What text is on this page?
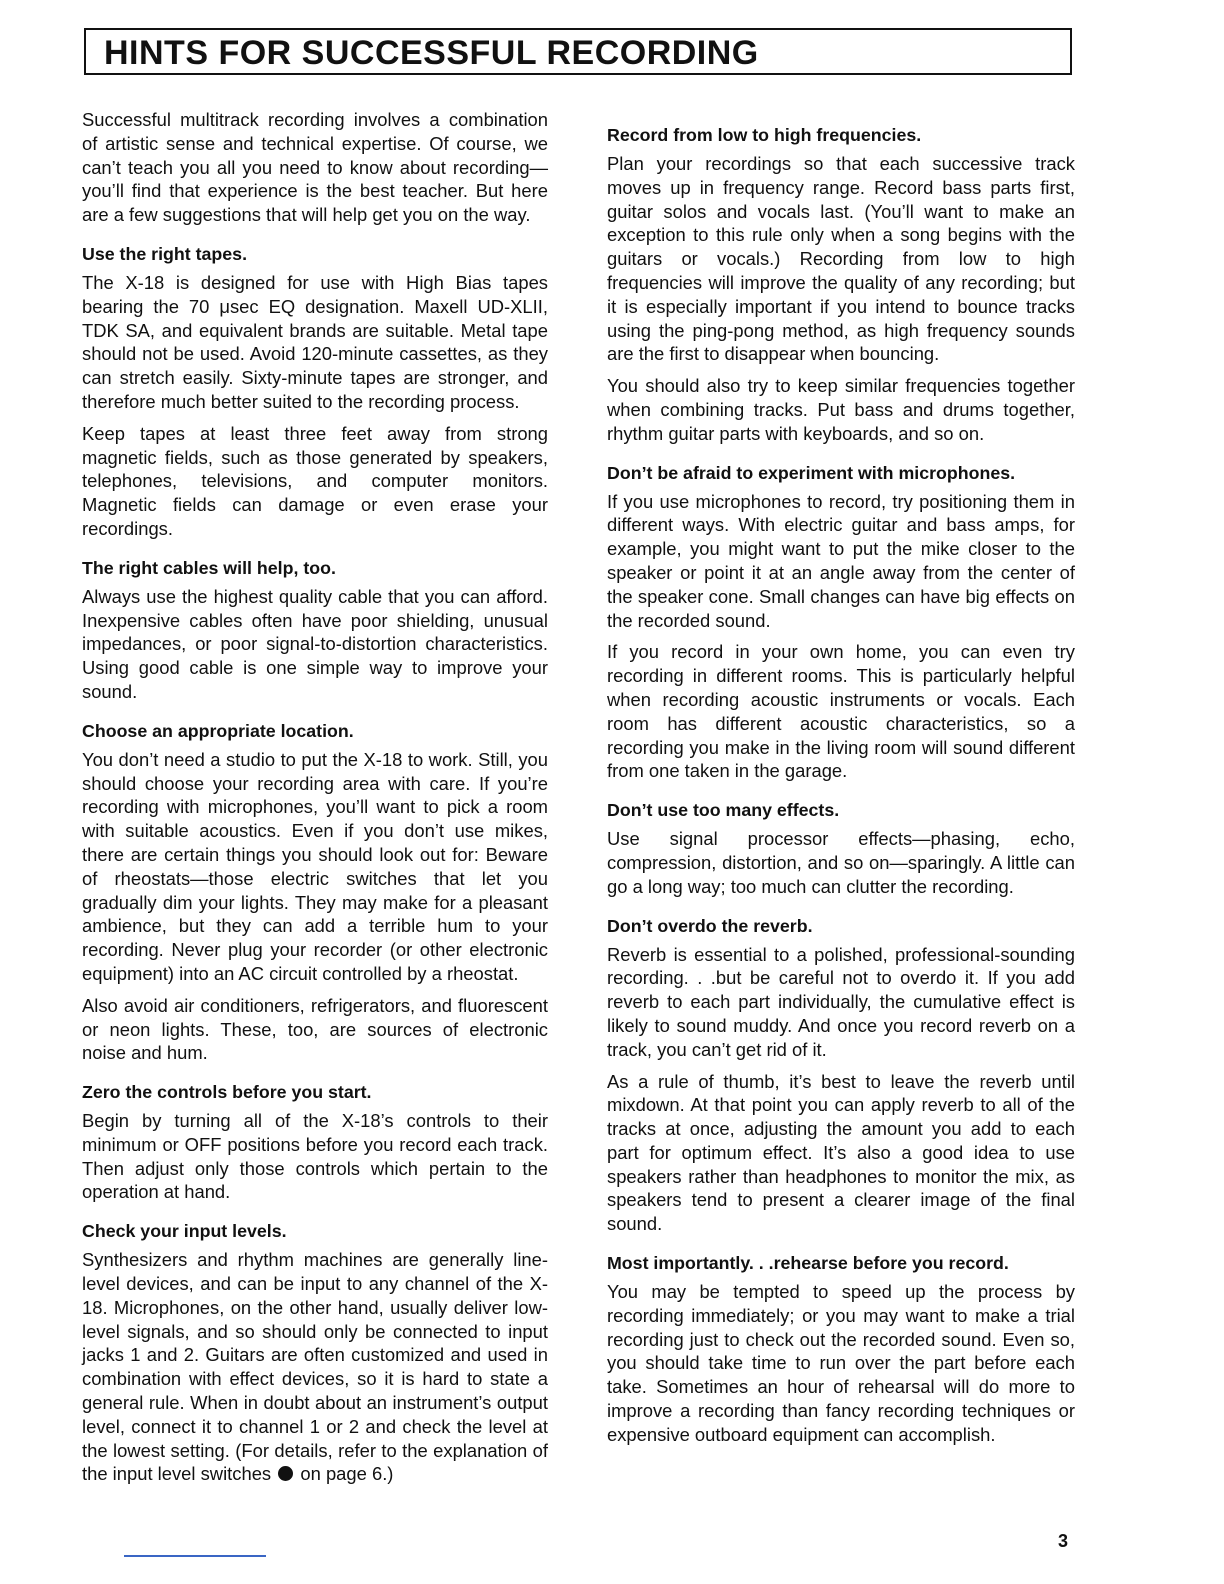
HINTS FOR SUCCESSFUL RECORDING

Successful multitrack recording involves a combination of artistic sense and technical expertise. Of course, we can’t teach you all you need to know about recording—you’ll find that experience is the best teacher. But here are a few suggestions that will help get you on the way.

Use the right tapes.

The X-18 is designed for use with High Bias tapes bearing the 70 μsec EQ designation. Maxell UD-XLII, TDK SA, and equivalent brands are suitable. Metal tape should not be used. Avoid 120-minute cassettes, as they can stretch easily. Sixty-minute tapes are stronger, and therefore much better suited to the recording process.

Keep tapes at least three feet away from strong magnetic fields, such as those generated by speakers, telephones, televisions, and computer monitors. Magnetic fields can damage or even erase your recordings.

The right cables will help, too.

Always use the highest quality cable that you can afford. Inexpensive cables often have poor shielding, unusual impedances, or poor signal-to-distortion characteristics. Using good cable is one simple way to improve your sound.

Choose an appropriate location.

You don’t need a studio to put the X-18 to work. Still, you should choose your recording area with care. If you’re recording with microphones, you’ll want to pick a room with suitable acoustics. Even if you don’t use mikes, there are certain things you should look out for: Beware of rheostats—those electric switches that let you gradually dim your lights. They may make for a pleasant ambience, but they can add a terrible hum to your recording. Never plug your recorder (or other electronic equipment) into an AC circuit controlled by a rheostat.

Also avoid air conditioners, refrigerators, and fluorescent or neon lights. These, too, are sources of electronic noise and hum.

Zero the controls before you start.

Begin by turning all of the X-18’s controls to their minimum or OFF positions before you record each track. Then adjust only those controls which pertain to the operation at hand.

Check your input levels.

Synthesizers and rhythm machines are generally line-level devices, and can be input to any channel of the X-18. Microphones, on the other hand, usually deliver low-level signals, and so should only be connected to input jacks 1 and 2. Guitars are often customized and used in combination with effect devices, so it is hard to state a general rule. When in doubt about an instrument’s output level, connect it to channel 1 or 2 and check the level at the lowest setting. (For details, refer to the explanation of the input level switches on page 6.)

Record from low to high frequencies.

Plan your recordings so that each successive track moves up in frequency range. Record bass parts first, guitar solos and vocals last. (You’ll want to make an exception to this rule only when a song begins with the guitars or vocals.) Recording from low to high frequencies will improve the quality of any recording; but it is especially important if you intend to bounce tracks using the ping-pong method, as high frequency sounds are the first to disappear when bouncing.

You should also try to keep similar frequencies together when combining tracks. Put bass and drums together, rhythm guitar parts with keyboards, and so on.

Don’t be afraid to experiment with microphones.

If you use microphones to record, try positioning them in different ways. With electric guitar and bass amps, for example, you might want to put the mike closer to the speaker or point it at an angle away from the center of the speaker cone. Small changes can have big effects on the recorded sound.

If you record in your own home, you can even try recording in different rooms. This is particularly helpful when recording acoustic instruments or vocals. Each room has different acoustic characteristics, so a recording you make in the living room will sound different from one taken in the garage.

Don’t use too many effects.

Use signal processor effects—phasing, echo, compression, distortion, and so on—sparingly. A little can go a long way; too much can clutter the recording.

Don’t overdo the reverb.

Reverb is essential to a polished, professional-sounding recording. . .but be careful not to overdo it. If you add reverb to each part individually, the cumulative effect is likely to sound muddy. And once you record reverb on a track, you can’t get rid of it.

As a rule of thumb, it’s best to leave the reverb until mixdown. At that point you can apply reverb to all of the tracks at once, adjusting the amount you add to each part for optimum effect. It’s also a good idea to use speakers rather than headphones to monitor the mix, as speakers tend to present a clearer image of the final sound.

Most importantly. . .rehearse before you record.

You may be tempted to speed up the process by recording immediately; or you may want to make a trial recording just to check out the recorded sound. Even so, you should take time to run over the part before each take. Sometimes an hour of rehearsal will do more to improve a recording than fancy recording techniques or expensive outboard equipment can accomplish.

3
